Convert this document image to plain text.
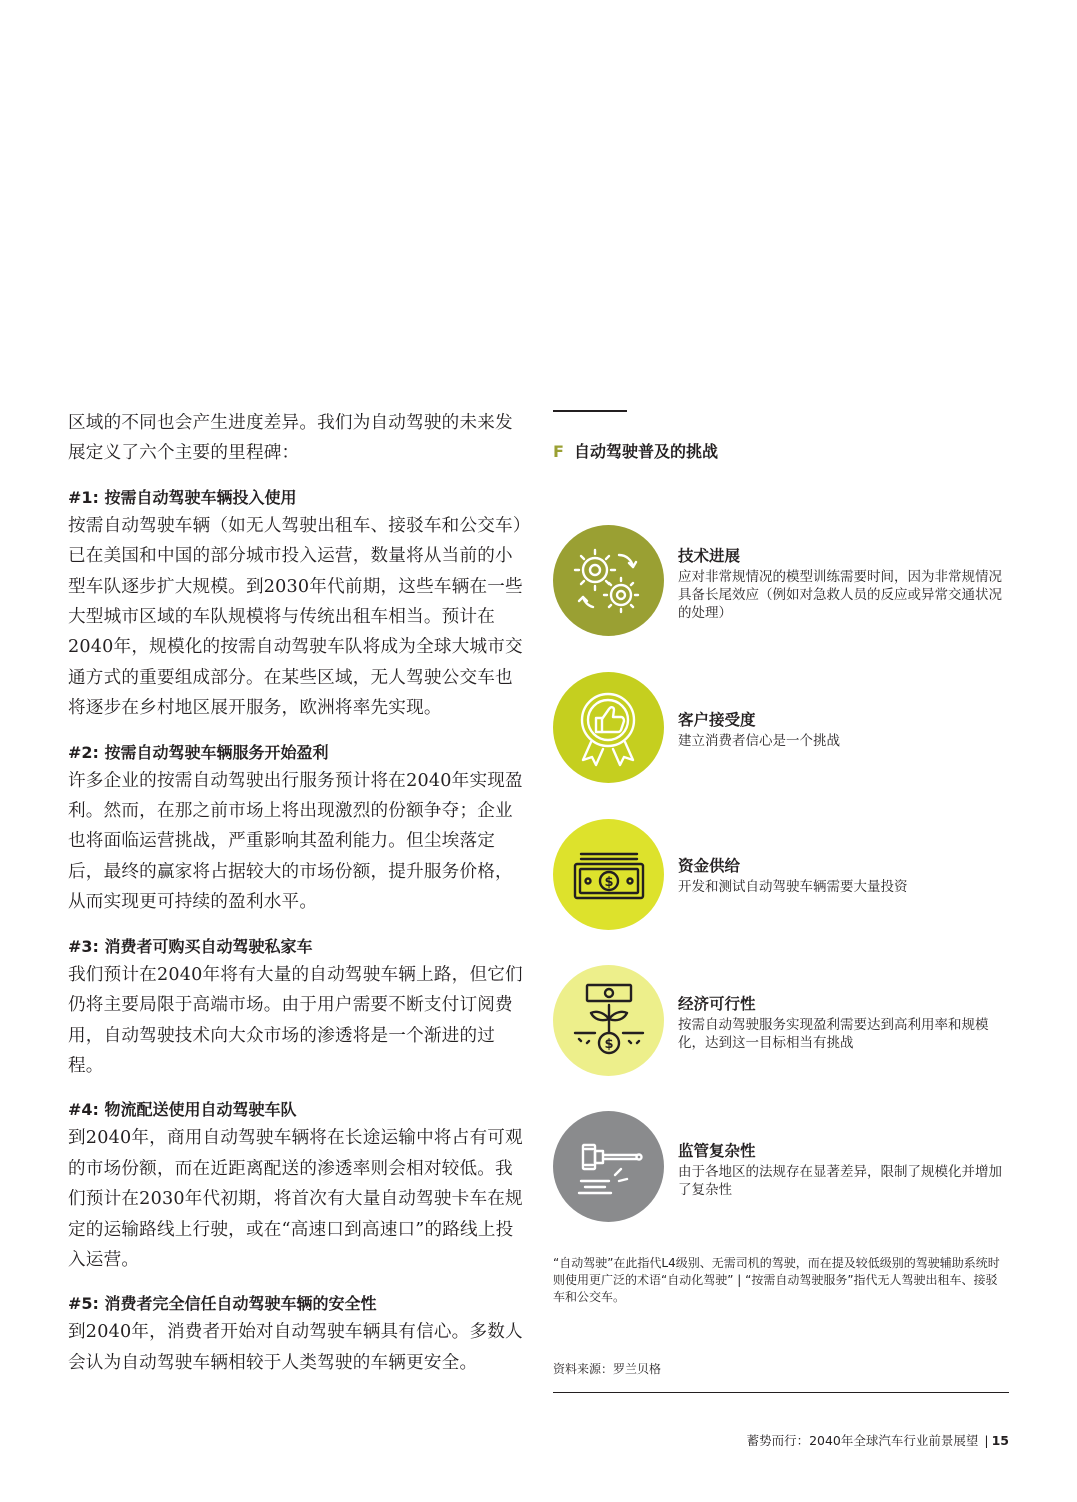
区域的不同也会产生进度差异。我们为自动驾驶的未来发展定义了六个主要的里程碑：

#1: 按需自动驾驶车辆投入使用

按需自动驾驶车辆（如无人驾驶出租车、接驳车和公交车）已在美国和中国的部分城市投入运营，数量将从当前的小型车队逐步扩大规模。到2030年代前期，这些车辆在一些大型城市区域的车队规模将与传统出租车相当。预计在2040年，规模化的按需自动驾驶车队将成为全球大城市交通方式的重要组成部分。在某些区域，无人驾驶公交车也将逐步在乡村地区展开服务，欧洲将率先实现。

#2: 按需自动驾驶车辆服务开始盈利

许多企业的按需自动驾驶出行服务预计将在2040年实现盈利。然而，在那之前市场上将出现激烈的份额争夺；企业也将面临运营挑战，严重影响其盈利能力。但尘埃落定后，最终的赢家将占据较大的市场份额，提升服务价格，从而实现更可持续的盈利水平。

#3: 消费者可购买自动驾驶私家车

我们预计在2040年将有大量的自动驾驶车辆上路，但它们仍将主要局限于高端市场。由于用户需要不断支付订阅费用，自动驾驶技术向大众市场的渗透将是一个渐进的过程。

#4: 物流配送使用自动驾驶车队

到2040年，商用自动驾驶车辆将在长途运输中将占有可观的市场份额，而在近距离配送的渗透率则会相对较低。我们预计在2030年代初期，将首次有大量自动驾驶卡车在规定的运输路线上行驶，或在“高速口到高速口”的路线上投入运营。

#5: 消费者完全信任自动驾驶车辆的安全性

到2040年，消费者开始对自动驾驶车辆具有信心。多数人会认为自动驾驶车辆相较于人类驾驶的车辆更安全。

F 自动驾驶普及的挑战
技术进展
应对非常规情况的模型训练需要时间，因为非常规情况具备长尾效应（例如对急救人员的反应或异常交通状况的处理）
客户接受度
建立消费者信心是一个挑战
$
资金供给
开发和测试自动驾驶车辆需要大量投资
$
经济可行性
按需自动驾驶服务实现盈利需要达到高利用率和规模化，达到这一目标相当有挑战
监管复杂性
由于各地区的法规存在显著差异，限制了规模化并增加了复杂性
“自动驾驶”在此指代L4级别、无需司机的驾驶，而在提及较低级别的驾驶辅助系统时则使用更广泛的术语“自动化驾驶” | “按需自动驾驶服务”指代无人驾驶出租车、接驳车和公交车。
资料来源：罗兰贝格
蓄势而行：2040年全球汽车行业前景展望 | 15
